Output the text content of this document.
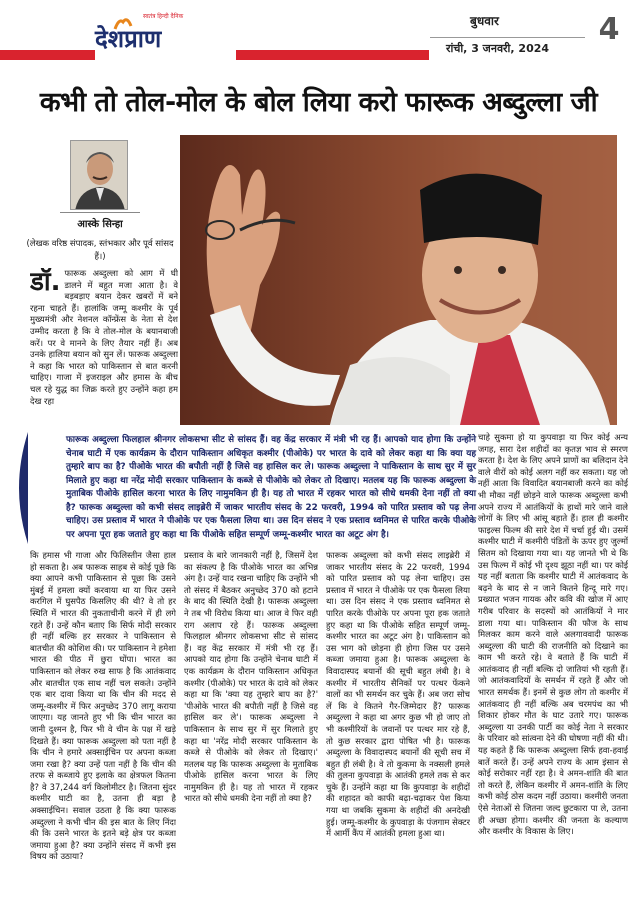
स्वतंत्र हिन्दी दैनिक
देशप्राण
बुधवार
रांची, 3 जनवरी, 2024
4
कभी तो तोल-मोल के बोल लिया करो फारूक अब्दुल्ला जी
आस्के सिन्हा
(लेखक वरिष्ठ संपादक, स्तंभकार और पूर्व सांसद हैं।)
डॉ. फारूक अब्दुल्ला को आग में घी डालने में बहुत मजा आता है। वे बड़बड़ाए बयान देकर खबरों में बने रहना चाहते हैं। हालांकि जम्मू कश्मीर के पूर्व मुख्यमंत्री और नेशनल कॉन्फ्रेंस के नेता से देश उम्मीद करता है कि वे तोल-मोल के बयानबाजी करें। पर वे मानने के लिए तैयार नहीं हैं। अब उनके हालिया बयान को सुन लें। फारूक अब्दुल्ला ने कहा कि भारत को पाकिस्तान से बात करनी चाहिए। गाजा में इजराइल और हमास के बीच चल रहे युद्ध का जिक्र करते हुए उन्होंने कहा हम देख रहा

फारूक अब्दुल्ला फिलहाल श्रीनगर लोकसभा सीट से सांसद हैं। वह केंद्र सरकार में मंत्री भी रह हैं। आपको याद होगा कि उन्होंने चेनाब घाटी में एक कार्यक्रम के दौरान पाकिस्तान अधिकृत कश्मीर (पीओके) पर भारत के दावे को लेकर कहा था कि क्या यह तुम्हारे बाप का है? पीओके भारत की बपौती नहीं है जिसे वह हासिल कर ले। फारूक अब्दुल्ला ने पाकिस्तान के साथ सुर में सुर मिलाते हुए कहा था नरेंद्र मोदी सरकार पाकिस्तान के कब्जे से पीओके को लेकर तो दिखाए। मतलब यह कि फारूक अब्दुल्ला के मुताबिक पीओके हासिल करना भारत के लिए नामुमकिन ही है। यह तो भारत में रहकर भारत को सीधे धमकी देना नहीं तो क्या है? फारूक अब्दुल्ला को कभी संसद लाइब्रेरी में जाकर भारतीय संसद के 22 फरवरी, 1994 को पारित प्रस्ताव को पढ़ लेना चाहिए। उस प्रस्ताव में भारत ने पीओके पर एक फैसला लिया था। उस दिन संसद ने एक प्रस्ताव ध्वनिमत से पारित करके पीओके पर अपना पूरा हक जताते हुए कहा था कि पीओके सहित सम्पूर्ण जम्मू-कश्मीर भारत का अटूट अंग है।

कि हमास भी गाजा और फिलिस्तीन जैसा हाल हो सकता है। अब फारूक साहब से कोई पूछे कि क्या आपने कभी पाकिस्तान से पूछा कि उसने मुंबई में हमला क्यों करवाया था या फिर उसने करगिल में घुसपैठ किसलिए की थी? वे तो हर स्थिति में भारत की नुकताचीनी करने में ही लगे रहते हैं। उन्हें कौन बताए कि सिर्फ मोदी सरकार ही नहीं बल्कि हर सरकार ने पाकिस्तान से बातचीत की कोशिश की। पर पाकिस्तान ने हमेशा भारत की पीठ में छुरा घोंपा। भारत का पाकिस्तान को लेकर रुख साफ है कि आतंकवाद और बातचीत एक साथ नहीं चल सकते। उन्होंने एक बार दावा किया था कि चीन की मदद से जम्मू-कश्मीर में फिर अनुच्छेद 370 लागू कराया जाएगा। यह जानते हुए भी कि चीन भारत का जानी दुश्मन है, फिर भी वे चीन के पक्ष में खड़े दिखते हैं। क्या फारूक अब्दुल्ला को पता नहीं है कि चीन ने हमारे अक्साईचिन पर अपना कब्जा जमा रखा है? क्या उन्हें पता नहीं है कि चीन की तरफ से कब्जाये हुए इलाके का क्षेत्रफल कितना है? वे 37,244 वर्ग किलोमीटर है। जितना सुंदर कश्मीर घाटी का है, उतना ही बड़ा है अक्साईचिन। सवाल उठता है कि क्या फारूक अब्दुल्ला ने कभी चीन की इस बात के लिए निंदा की कि उसने भारत के इतने बड़े क्षेत्र पर कब्जा जमाया हुआ है? क्या उन्होंने संसद में कभी इस विषय को उठाया?
प्रस्ताव के बारे जानकारी नहीं है, जिसमें देश का संकल्प है कि पीओके भारत का अभिन्न अंग है। उन्हें याद रखना चाहिए कि उन्होंने भी तो संसद में बैठकर अनुच्छेद 370 को हटाने के बाद की स्थिति देखी है। फारूक अब्दुल्ला ने तब भी विरोध किया था। आज वे फिर वही राग अलाप रहे हैं। फारूक अब्दुल्ला फिलहाल श्रीनगर लोकसभा सीट से सांसद हैं। वह केंद्र सरकार में मंत्री भी रह हैं। आपको याद होगा कि उन्होंने चेनाब घाटी में एक कार्यक्रम के दौरान पाकिस्तान अधिकृत कश्मीर (पीओके) पर भारत के दावे को लेकर कहा था कि 'क्या यह तुम्हारे बाप का है?' 'पीओके भारत की बपौती नहीं है जिसे वह हासिल कर ले'। फारूक अब्दुल्ला ने पाकिस्तान के साथ सुर में सुर मिलाते हुए कहा था 'नरेंद्र मोदी सरकार पाकिस्तान के कब्जे से पीओके को लेकर तो दिखाए।' मतलब यह कि फारूक अब्दुल्ला के मुताबिक पीओके हासिल करना भारत के लिए नामुमकिन ही है। यह तो भारत में रहकर भारत को सीधे धमकी देना नहीं तो क्या है?
फारूक अब्दुल्ला को कभी संसद लाइब्रेरी में जाकर भारतीय संसद के 22 फरवरी, 1994 को पारित प्रस्ताव को पढ़ लेना चाहिए। उस प्रस्ताव में भारत ने पीओके पर एक फैसला लिया था। उस दिन संसद ने एक प्रस्ताव ध्वनिमत से पारित करके पीओके पर अपना पूरा हक जताते हुए कहा था कि पीओके सहित सम्पूर्ण जम्मू-कश्मीर भारत का अटूट अंग है। पाकिस्तान को उस भाग को छोड़ना ही होगा जिस पर उसने कब्जा जमाया हुआ है। फारूक अब्दुल्ला के विवादास्पद बयानों की सूची बहुत लंबी है। वे कश्मीर में भारतीय सैनिकों पर पत्थर फेंकने वालों का भी समर्थन कर चुके हैं। अब जरा सोच लें कि वे कितने गैर-जिम्मेदार हैं? फारूक अब्दुल्ला ने कहा था अगर कुछ भी हो जाए तो भी कश्मीरियों के जवानों पर पत्थर मार रहे हैं, तो कुछ सरकार द्वारा पोषित भी है। फारूक अब्दुल्ला के विवादास्पद बयानों की सूची सच में बहुत ही लंबी है। वे तो कुकमा के नक्सली हमले की तुलना कुपवाड़ा के आतंकी हमले तक से कर चुके हैं। उन्होंने कहा था कि कुपवाड़ा के शहीदों की शहादत को काफी बढ़ा-चढ़ाकर पेश किया गया था जबकि सुकमा के शहीदों की अनदेखी हुई। जम्मू-कश्मीर के कुपवाड़ा के पंजगाम सेक्टर में आर्मी कैंप में आतंकी हमला हुआ था।
चाहे सुकमा हो या कुपवाड़ा या फिर कोई अन्य जगह, सारा देश शहीदों का कृतज्ञ भाव से स्मरण करता है। देश के लिए अपने प्राणों का बलिदान देने वाले वीरों को कोई अलग नहीं कर सकता। यह जो नहीं आता कि विवादित बयानबाजी करने का कोई भी मौका नहीं छोड़ने वाले फारूक अब्दुल्ला कभी अपने राज्य में आतंकियों के हाथों मारे जाने वाले लोगों के लिए भी आंसू बहाते हैं। हाल ही कश्मीर फाइल्स फिल्म की सारे देश में चर्चा हुई थी। उसमें कश्मीर घाटी में कश्मीरी पंडितों के ऊपर हुए जुल्मों सितम को दिखाया गया था। यह जानते भी थे कि उस फिल्म में कोई भी दृश्य झूठा नहीं था। पर कोई यह नहीं बताता कि कश्मीर घाटी में आतंकवाद के बढ़ने के बाद से न जाने कितने हिन्दू मारे गए। प्रख्यात भजन गायक और कवि की खोज में आए गरीब परिवार के सदस्यों को आतंकियों ने मार डाला गया था। पाकिस्तान की फौज के साथ मिलकर काम करने वाले अलगाववादी फारूक अब्दुल्ला की घाटी की राजनीति को दिखाने का काम भी करते रहे। वे बताते हैं कि घाटी में आतंकवाद ही नहीं बल्कि दो जातियां भी रहती हैं। जो आतंकवादियों के समर्थन में रहते हैं और जो भारत समर्थक हैं। इनमें से कुछ लोग तो कश्मीर में आतंकवाद ही नहीं बल्कि अब चरमपंथ का भी शिकार होकर मौत के घाट उतारे गए। फारूक अब्दुल्ला या उनकी पार्टी का कोई नेता ने सरकार के परिवार को सांत्वना देने की घोषणा नहीं की थी। यह कहते हैं कि फारूक अब्दुल्ला सिर्फ हवा-हवाई बातें करते हैं। उन्हें अपने राज्य के आम इंसान से कोई सरोकार नहीं रहा है। वे अमन-शांति की बात तो करते हैं, लेकिन कश्मीर में अमन-शांति के लिए कभी कोई ठोस कदम नहीं उठाया। कश्मीरी जनता ऐसे नेताओं से जितना जल्द छुटकारा पा ले, उतना ही अच्छा होगा। कश्मीर की जनता के कल्याण और कश्मीर के विकास के लिए।
